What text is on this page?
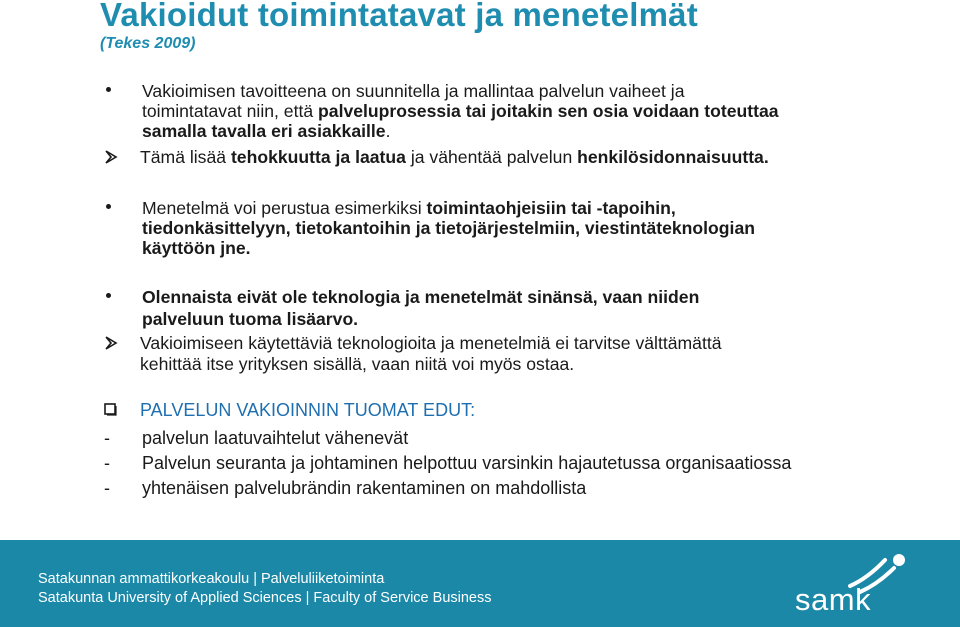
Vakioidut toimintatavat ja menetelmät
(Tekes 2009)
Vakioimisen tavoitteena on suunnitella ja mallintaa palvelun vaiheet ja
toimintatavat niin, että palveluprosessia tai joitakin sen osia voidaan toteuttaa
samalla tavalla eri asiakkaille.
Tämä lisää tehokkuutta ja laatua ja vähentää palvelun henkilösidonnaisuutta.
Menetelmä voi perustua esimerkiksi toimintaohjeisiin tai -tapoihin,
tiedonkäsittelyyn, tietokantoihin ja tietojärjestelmiin, viestintäteknologian
käyttöön jne.
Olennaista eivät ole teknologia ja menetelmät sinänsä, vaan niiden
palveluun tuoma lisäarvo.
Vakioimiseen käytettäviä teknologioita ja menetelmiä ei tarvitse välttämättä
kehittää itse yrityksen sisällä, vaan niitä voi myös ostaa.
PALVELUN VAKIOINNIN TUOMAT EDUT:
- palvelun laatuvaihtelut vähenevät
- Palvelun seuranta ja johtaminen helpottuu varsinkin hajautetussa organisaatiossa
- yhtenäisen palvelubrändin rakentaminen on mahdollista
Satakunnan ammattikorkeakoulu | Palveluliiketoiminta
Satakunta University of Applied Sciences | Faculty of Service Business	samk
